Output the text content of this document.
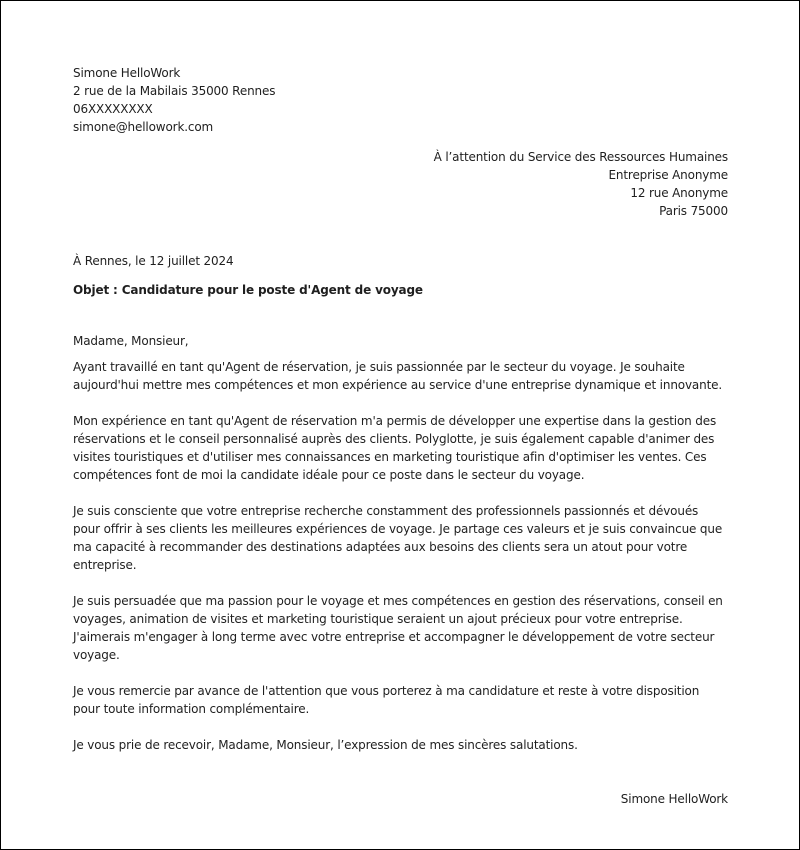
Simone HelloWork
2 rue de la Mabilais 35000 Rennes
06XXXXXXXX
simone@hellowork.com
À l’attention du Service des Ressources Humaines
Entreprise Anonyme
12 rue Anonyme
Paris 75000
À Rennes, le 12 juillet 2024
Objet : Candidature pour le poste d'Agent de voyage
Madame, Monsieur,

Ayant travaillé en tant qu'Agent de réservation, je suis passionnée par le secteur du voyage. Je souhaite aujourd'hui mettre mes compétences et mon expérience au service d'une entreprise dynamique et innovante.

Mon expérience en tant qu'Agent de réservation m'a permis de développer une expertise dans la gestion des réservations et le conseil personnalisé auprès des clients. Polyglotte, je suis également capable d'animer des visites touristiques et d'utiliser mes connaissances en marketing touristique afin d'optimiser les ventes. Ces compétences font de moi la candidate idéale pour ce poste dans le secteur du voyage.

Je suis consciente que votre entreprise recherche constamment des professionnels passionnés et dévoués pour offrir à ses clients les meilleures expériences de voyage. Je partage ces valeurs et je suis convaincue que ma capacité à recommander des destinations adaptées aux besoins des clients sera un atout pour votre entreprise.

Je suis persuadée que ma passion pour le voyage et mes compétences en gestion des réservations, conseil en voyages, animation de visites et marketing touristique seraient un ajout précieux pour votre entreprise. J'aimerais m'engager à long terme avec votre entreprise et accompagner le développement de votre secteur voyage.

Je vous remercie par avance de l'attention que vous porterez à ma candidature et reste à votre disposition pour toute information complémentaire.

Je vous prie de recevoir, Madame, Monsieur, l’expression de mes sincères salutations.

Simone HelloWork
